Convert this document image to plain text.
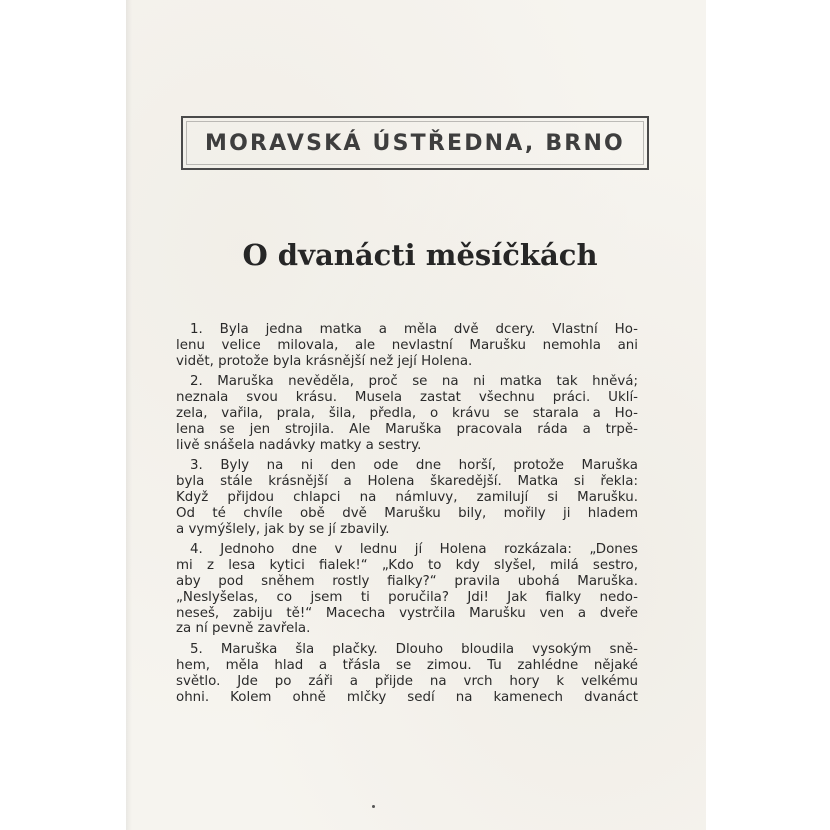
MORAVSKÁ ÚSTŘEDNA, BRNO
O dvanácti měsíčkách
1. Byla jedna matka a měla dvě dcery. Vlastní Ho-
lenu velice milovala, ale nevlastní Marušku nemohla ani
vidět, protože byla krásnější než její Holena.
2. Maruška nevěděla, proč se na ni matka tak hněvá;
neznala svou krásu. Musela zastat všechnu práci. Uklí-
zela, vařila, prala, šila, předla, o krávu se starala a Ho-
lena se jen strojila. Ale Maruška pracovala ráda a trpě-
livě snášela nadávky matky a sestry.
3. Byly na ni den ode dne horší, protože Maruška
byla stále krásnější a Holena škaredější. Matka si řekla:
Když přijdou chlapci na námluvy, zamilují si Marušku.
Od té chvíle obě dvě Marušku bily, mořily ji hladem
a vymýšlely, jak by se jí zbavily.
4. Jednoho dne v lednu jí Holena rozkázala: „Dones
mi z lesa kytici fialek!“ „Kdo to kdy slyšel, milá sestro,
aby pod sněhem rostly fialky?“ pravila ubohá Maruška.
„Neslyšelas, co jsem ti poručila? Jdi! Jak fialky nedo-
neseš, zabiju tě!“ Macecha vystrčila Marušku ven a dveře
za ní pevně zavřela.
5. Maruška šla plačky. Dlouho bloudila vysokým sně-
hem, měla hlad a třásla se zimou. Tu zahlédne nějaké
světlo. Jde po záři a přijde na vrch hory k velkému
ohni. Kolem ohně mlčky sedí na kamenech dvanáct
